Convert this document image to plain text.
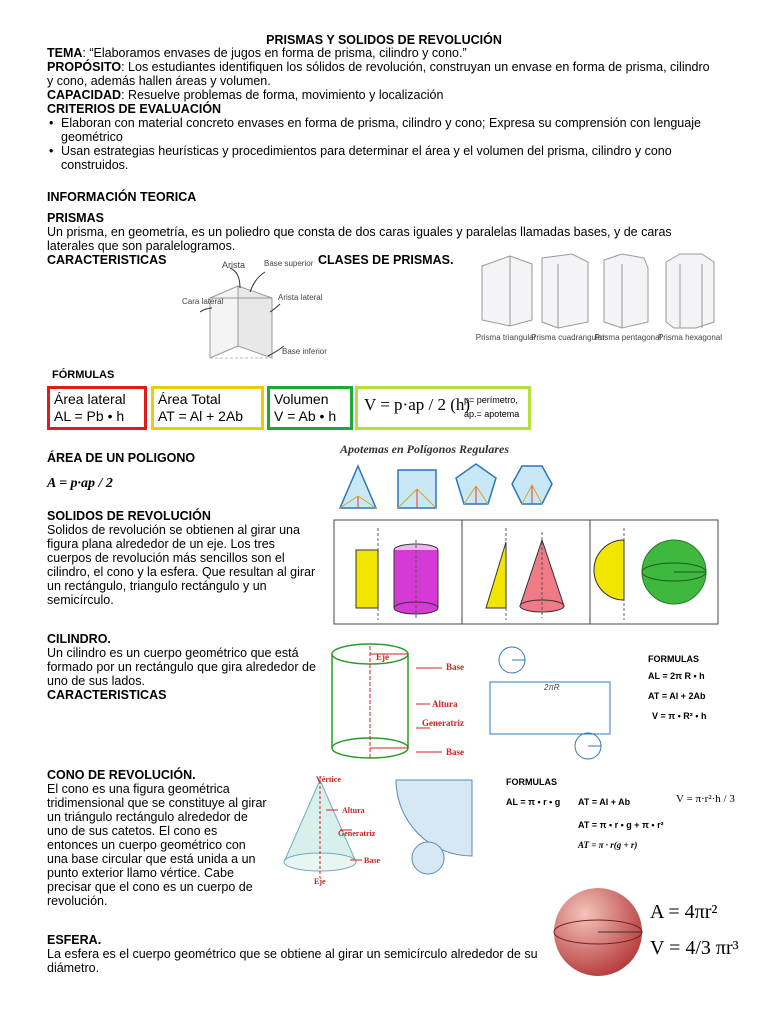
PRISMAS Y SOLIDOS DE REVOLUCIÓN
TEMA: “Elaboramos envases de jugos en forma de prisma, cilindro y cono.”
PROPÓSITO: Los estudiantes identifiquen los sólidos de revolución, construyan un envase en forma de prisma, cilindro y cono, además hallen áreas y volumen.
CAPACIDAD: Resuelve problemas de forma, movimiento y localización
CRITERIOS DE EVALUACIÓN
• Elaboran con material concreto envases en forma de prisma, cilindro y cono; Expresa su comprensión con lenguaje geométrico
• Usan estrategias heurísticas y procedimientos para determinar el área y el volumen del prisma, cilindro y cono construidos.
INFORMACIÓN TEORICA
PRISMAS
Un prisma, en geometría, es un poliedro que consta de dos caras iguales y paralelas llamadas bases, y de caras laterales que son paralelogramos.
CARACTERISTICAS	CLASES DE PRISMAS.
Arista Base superior
Cara lateral	Arista lateral
Base inferior
Prisma triangular
Prisma cuadrangular
Prisma pentagonal
Prisma hexagonal
FÓRMULAS
Área lateral
AL = Pb • h
Área Total
AT = Al + 2Ab
Volumen
V = Ab • h
V = p·ap / 2 (h)
p= perímetro,
ap.= apotema
ÁREA DE UN POLIGONO
A = p·ap / 2
Apotemas en Polígonos Regulares
SOLIDOS DE REVOLUCIÓN
Solidos de revolución se obtienen al girar una figura plana alrededor de un eje. Los tres cuerpos de revolución más sencillos son el cilindro, el cono y la esfera. Que resultan al girar un rectángulo, triangulo rectángulo y un semicírculo.
CILINDRO.
Un cilindro es un cuerpo geométrico que está formado por un rectángulo que gira alrededor de uno de sus lados.
CARACTERISTICAS
Eje
Base
Altura
Generatriz
Base
2πR
FORMULAS
AL = 2π R • h
AT = Al + 2Ab
V = π • R² • h
CONO DE REVOLUCIÓN.
El cono es una figura geométrica tridimensional que se constituye al girar un triángulo rectángulo alrededor de uno de sus catetos. El cono es entonces un cuerpo geométrico con una base circular que está unida a un punto exterior llamo vértice. Cabe precisar que el cono es un cuerpo de revolución.
Vértice
Altura
Generatriz
Base
Eje
FORMULAS
AL = π • r • g AT = Al + Ab
AT = π • r • g + π • r²
AT = π · r(g + r)
V = π·r²·h / 3
ESFERA.
La esfera es el cuerpo geométrico que se obtiene al girar un semicírculo alrededor de su diámetro.
A = 4πr²
V = 4/3 πr³
